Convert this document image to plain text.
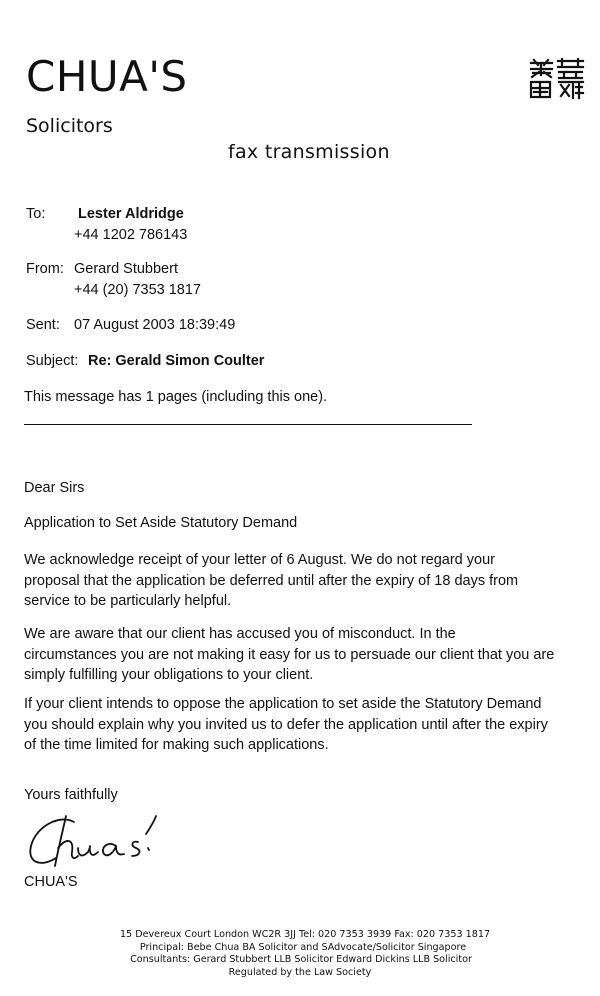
CHUA'S
Solicitors
fax transmission
To: Lester Aldridge
+44 1202 786143
From: Gerard Stubbert
+44 (20) 7353 1817
Sent: 07 August 2003 18:39:49
Subject: Re: Gerald Simon Coulter
This message has 1 pages (including this one).
Dear Sirs
Application to Set Aside Statutory Demand
We acknowledge receipt of your letter of 6 August. We do not regard your
proposal that the application be deferred until after the expiry of 18 days from
service to be particularly helpful.
We are aware that our client has accused you of misconduct. In the
circumstances you are not making it easy for us to persuade our client that you are
simply fulfilling your obligations to your client.
If your client intends to oppose the application to set aside the Statutory Demand
you should explain why you invited us to defer the application until after the expiry
of the time limited for making such applications.
Yours faithfully
CHUA'S
15 Devereux Court London WC2R 3JJ Tel: 020 7353 3939 Fax: 020 7353 1817
Principal: Bebe Chua BA Solicitor and SAdvocate/Solicitor Singapore
Consultants: Gerard Stubbert LLB Solicitor Edward Dickins LLB Solicitor
Regulated by the Law Society
